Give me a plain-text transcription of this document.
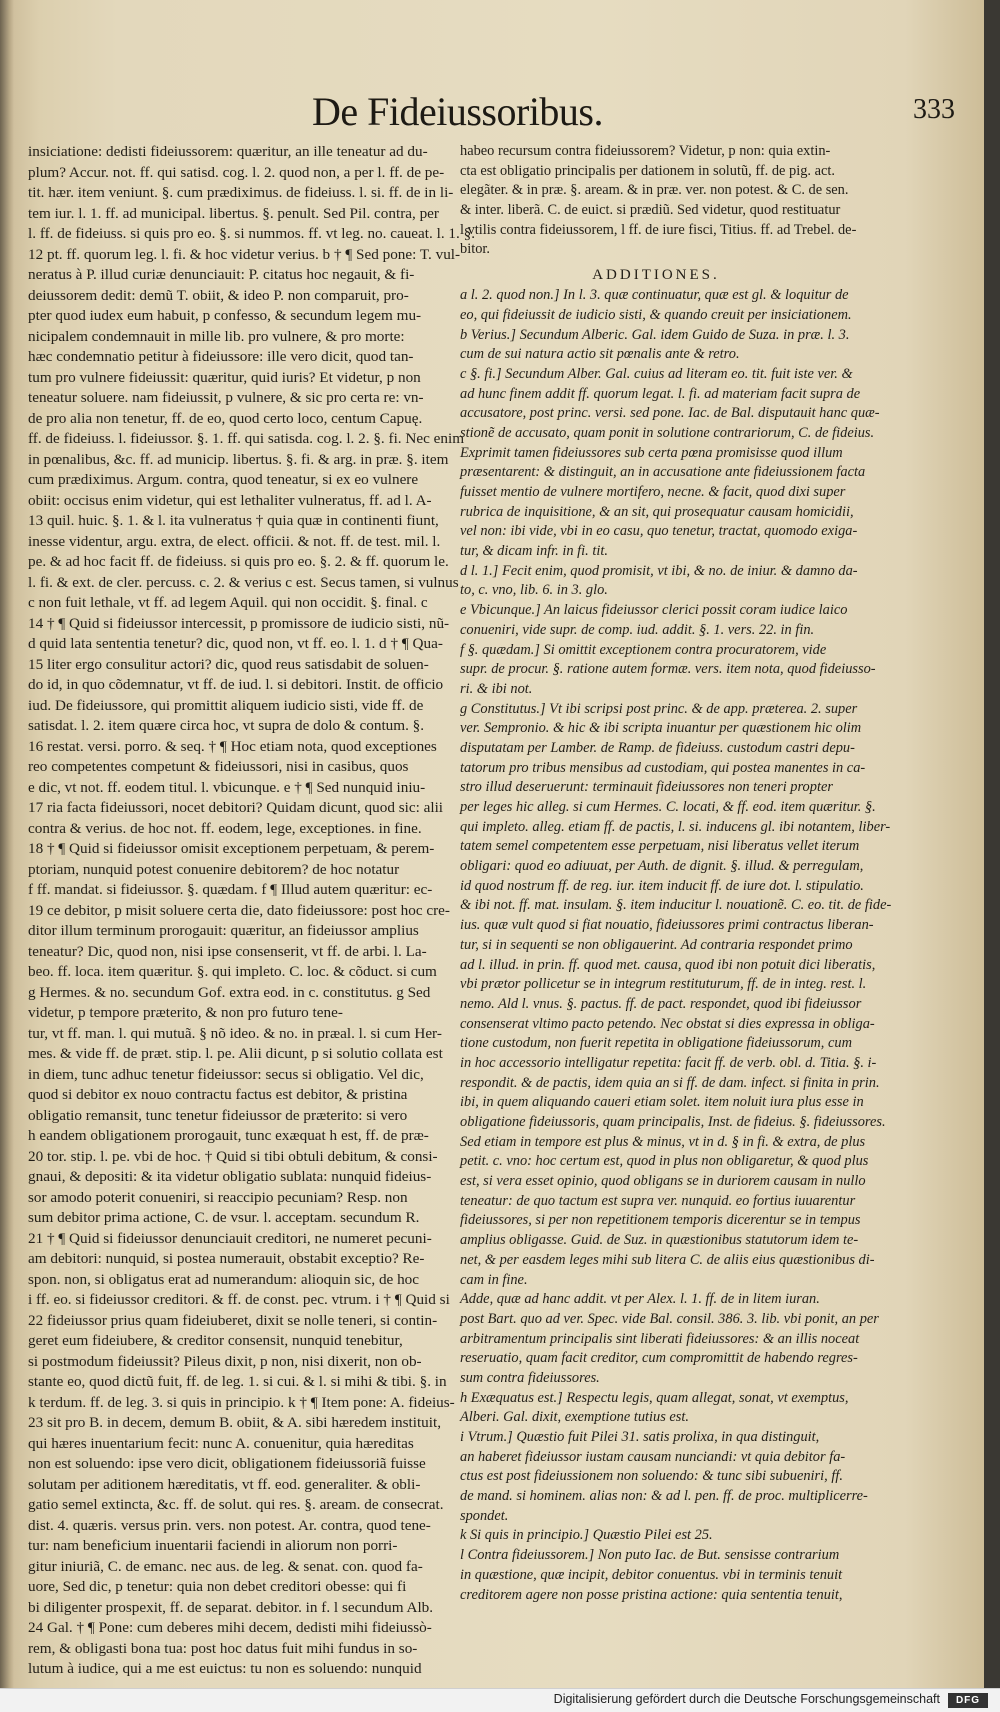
De Fideiussoribus.	333
insiciatione: dedisti fideiussorem: quæritur, an ille teneatur ad du-
plum? Accur. not. ff. qui satisd. cog. l. 2. quod non, a per l. ff. de pe-
tit. hær. item veniunt. §. cum prædiximus. de fideiuss. l. si. ff. de in li-
tem iur. l. 1. ff. ad municipal. libertus. §. penult. Sed Pil. contra, per
l. ff. de fideiuss. si quis pro eo. §. si nummos. ff. vt leg. no. caueat. l. 1. §.
12 pt. ff. quorum leg. l. fi. & hoc videtur verius. b † ¶ Sed pone: T. vul-
neratus à P. illud curiæ denunciauit: P. citatus hoc negauit, & fi-
deiussorem dedit: demũ T. obiit, & ideo P. non comparuit, pro-
pter quod iudex eum habuit, p confesso, & secundum legem mu-
nicipalem condemnauit in mille lib. pro vulnere, & pro morte:
hæc condemnatio petitur à fideiussore: ille vero dicit, quod tan-
tum pro vulnere fideiussit: quæritur, quid iuris? Et videtur, p non
teneatur soluere. nam fideiussit, p vulnere, & sic pro certa re: vn-
de pro alia non tenetur, ff. de eo, quod certo loco, centum Capuę.
ff. de fideiuss. l. fideiussor. §. 1. ff. qui satisda. cog. l. 2. §. fi. Nec enim
in pœnalibus, &c. ff. ad municip. libertus. §. fi. & arg. in præ. §. item
cum prædiximus. Argum. contra, quod teneatur, si ex eo vulnere
obiit: occisus enim videtur, qui est lethaliter vulneratus, ff. ad l. A-
13 quil. huic. §. 1. & l. ita vulneratus † quia quæ in continenti fiunt,
inesse videntur, argu. extra, de elect. officii. & not. ff. de test. mil. l.
pe. & ad hoc facit ff. de fideiuss. si quis pro eo. §. 2. & ff. quorum le.
l. fi. & ext. de cler. percuss. c. 2. & verius c est. Secus tamen, si vulnus
c non fuit lethale, vt ff. ad legem Aquil. qui non occidit. §. final. c
14 † ¶ Quid si fideiussor intercessit, p promissore de iudicio sisti, nũ-
d quid lata sententia tenetur? dic, quod non, vt ff. eo. l. 1. d † ¶ Qua-
15 liter ergo consulitur actori? dic, quod reus satisdabit de soluen-
do id, in quo cõdemnatur, vt ff. de iud. l. si debitori. Instit. de officio
iud. De fideiussore, qui promittit aliquem iudicio sisti, vide ff. de
satisdat. l. 2. item quære circa hoc, vt supra de dolo & contum. §.
16 restat. versi. porro. & seq. † ¶ Hoc etiam nota, quod exceptiones
reo competentes competunt & fideiussori, nisi in casibus, quos
e dic, vt not. ff. eodem titul. l. vbicunque. e † ¶ Sed nunquid iniu-
17 ria facta fideiussori, nocet debitori? Quidam dicunt, quod sic: alii
contra & verius. de hoc not. ff. eodem, lege, exceptiones. in fine.
18 † ¶ Quid si fideiussor omisit exceptionem perpetuam, & perem-
ptoriam, nunquid potest conuenire debitorem? de hoc notatur
f ff. mandat. si fideiussor. §. quædam. f ¶ Illud autem quæritur: ec-
19 ce debitor, p misit soluere certa die, dato fideiussore: post hoc cre-
ditor illum terminum prorogauit: quæritur, an fideiussor amplius
teneatur? Dic, quod non, nisi ipse consenserit, vt ff. de arbi. l. La-
beo. ff. loca. item quæritur. §. qui impleto. C. loc. & cõduct. si cum
g Hermes. & no. secundum Gof. extra eod. in c. constitutus. g Sed
videtur, p tempore præterito, & non pro futuro tene-
tur, vt ff. man. l. qui mutuã. § nõ ideo. & no. in præal. l. si cum Her-
mes. & vide ff. de præt. stip. l. pe. Alii dicunt, p si solutio collata est
in diem, tunc adhuc tenetur fideiussor: secus si obligatio. Vel dic,
quod si debitor ex nouo contractu factus est debitor, & pristina
obligatio remansit, tunc tenetur fideiussor de præterito: si vero
h eandem obligationem prorogauit, tunc exæquat h est, ff. de præ-
20 tor. stip. l. pe. vbi de hoc. † Quid si tibi obtuli debitum, & consi-
gnaui, & depositi: & ita videtur obligatio sublata: nunquid fideius-
sor amodo poterit conueniri, si reaccipio pecuniam? Resp. non
sum debitor prima actione, C. de vsur. l. acceptam. secundum R.
21 † ¶ Quid si fideiussor denunciauit creditori, ne numeret pecuni-
am debitori: nunquid, si postea numerauit, obstabit exceptio? Re-
spon. non, si obligatus erat ad numerandum: alioquin sic, de hoc
i ff. eo. si fideiussor creditori. & ff. de const. pec. vtrum. i † ¶ Quid si
22 fideiussor prius quam fideiuberet, dixit se nolle teneri, si contin-
geret eum fideiubere, & creditor consensit, nunquid tenebitur,
si postmodum fideiussit? Pileus dixit, p non, nisi dixerit, non ob-
stante eo, quod dictũ fuit, ff. de leg. 1. si cui. & l. si mihi & tibi. §. in
k terdum. ff. de leg. 3. si quis in principio. k † ¶ Item pone: A. fideius-
23 sit pro B. in decem, demum B. obiit, & A. sibi hæredem instituit,
qui hæres inuentarium fecit: nunc A. conuenitur, quia hæreditas
non est soluendo: ipse vero dicit, obligationem fideiussoriã fuisse
solutam per aditionem hæreditatis, vt ff. eod. generaliter. & obli-
gatio semel extincta, &c. ff. de solut. qui res. §. aream. de consecrat.
dist. 4. quæris. versus prin. vers. non potest. Ar. contra, quod tene-
tur: nam beneficium inuentarii faciendi in aliorum non porri-
gitur iniuriã, C. de emanc. nec aus. de leg. & senat. con. quod fa-
uore, Sed dic, p tenetur: quia non debet creditori obesse: qui fi
bi diligenter prospexit, ff. de separat. debitor. in f. l secundum Alb.
24 Gal. † ¶ Pone: cum deberes mihi decem, dedisti mihi fideiussò-
rem, & obligasti bona tua: post hoc datus fuit mihi fundus in so-
lutum à iudice, qui a me est euictus: tu non es soluendo: nunquid
habeo recursum contra fideiussorem? Videtur, p non: quia extin-
cta est obligatio principalis per dationem in solutũ, ff. de pig. act.
elegãter. & in præ. §. aream. & in præ. ver. non potest. & C. de sen.
& inter. liberã. C. de euict. si prædiũ. Sed videtur, quod restituatur
l vtilis contra fideiussorem, l ff. de iure fisci, Titius. ff. ad Trebel. de-
bitor.
ADDITIONES.
a l. 2. quod non.] In l. 3. quæ continuatur, quæ est gl. & loquitur de
eo, qui fideiussit de iudicio sisti, & quando creuit per insiciationem.
b Verius.] Secundum Alberic. Gal. idem Guido de Suza. in præ. l. 3.
cum de sui natura actio sit pœnalis ante & retro.
c §. fi.] Secundum Alber. Gal. cuius ad literam eo. tit. fuit iste ver. &
ad hunc finem addit ff. quorum legat. l. fi. ad materiam facit supra de
accusatore, post princ. versi. sed pone. Iac. de Bal. disputauit hanc quæ-
stionẽ de accusato, quam ponit in solutione contrariorum, C. de fideius.
Exprimit tamen fideiussores sub certa pœna promisisse quod illum
præsentarent: & distinguit, an in accusatione ante fideiussionem facta
fuisset mentio de vulnere mortifero, necne. & facit, quod dixi super
rubrica de inquisitione, & an sit, qui prosequatur causam homicidii,
vel non: ibi vide, vbi in eo casu, quo tenetur, tractat, quomodo exiga-
tur, & dicam infr. in fi. tit.
d l. 1.] Fecit enim, quod promisit, vt ibi, & no. de iniur. & damno da-
to, c. vno, lib. 6. in 3. glo.
e Vbicunque.] An laicus fideiussor clerici possit coram iudice laico
conueniri, vide supr. de comp. iud. addit. §. 1. vers. 22. in fin.
f §. quædam.] Si omittit exceptionem contra procuratorem, vide
supr. de procur. §. ratione autem formæ. vers. item nota, quod fideiusso-
ri. & ibi not.
g Constitutus.] Vt ibi scripsi post princ. & de app. præterea. 2. super
ver. Sempronio. & hic & ibi scripta inuantur per quæstionem hic olim
disputatam per Lamber. de Ramp. de fideiuss. custodum castri depu-
tatorum pro tribus mensibus ad custodiam, qui postea manentes in ca-
stro illud deseruerunt: terminauit fideiussores non teneri propter
per leges hic alleg. si cum Hermes. C. locati, & ff. eod. item quæritur. §.
qui impleto. alleg. etiam ff. de pactis, l. si. inducens gl. ibi notantem, liber-
tatem semel competentem esse perpetuam, nisi liberatus vellet iterum
obligari: quod eo adiuuat, per Auth. de dignit. §. illud. & perregulam,
id quod nostrum ff. de reg. iur. item inducit ff. de iure dot. l. stipulatio.
& ibi not. ff. mat. insulam. §. item inducitur l. nouationẽ. C. eo. tit. de fide-
ius. quæ vult quod si fiat nouatio, fideiussores primi contractus liberan-
tur, si in sequenti se non obligauerint. Ad contraria respondet primo
ad l. illud. in prin. ff. quod met. causa, quod ibi non potuit dici liberatis,
vbi prætor pollicetur se in integrum restituturum, ff. de in integ. rest. l.
nemo. Ald l. vnus. §. pactus. ff. de pact. respondet, quod ibi fideiussor
consenserat vltimo pacto petendo. Nec obstat si dies expressa in obliga-
tione custodum, non fuerit repetita in obligatione fideiussorum, cum
in hoc accessorio intelligatur repetita: facit ff. de verb. obl. d. Titia. §. i-
respondit. & de pactis, idem quia an si ff. de dam. infect. si finita in prin.
ibi, in quem aliquando caueri etiam solet. item noluit iura plus esse in
obligatione fideiussoris, quam principalis, Inst. de fideius. §. fideiussores.
Sed etiam in tempore est plus & minus, vt in d. § in fi. & extra, de plus
petit. c. vno: hoc certum est, quod in plus non obligaretur, & quod plus
est, si vera esset opinio, quod obligans se in duriorem causam in nullo
teneatur: de quo tactum est supra ver. nunquid. eo fortius iuuarentur
fideiussores, si per non repetitionem temporis dicerentur se in tempus
amplius obligasse. Guid. de Suz. in quæstionibus statutorum idem te-
net, & per easdem leges mihi sub litera C. de aliis eius quæstionibus di-
cam in fine.
Adde, quæ ad hanc addit. vt per Alex. l. 1. ff. de in litem iuran.
post Bart. quo ad ver. Spec. vide Bal. consil. 386. 3. lib. vbi ponit, an per
arbitramentum principalis sint liberati fideiussores: & an illis noceat
reseruatio, quam facit creditor, cum compromittit de habendo regres-
sum contra fideiussores.
h Exæquatus est.] Respectu legis, quam allegat, sonat, vt exemptus,
Alberi. Gal. dixit, exemptione tutius est.
i Vtrum.] Quæstio fuit Pilei 31. satis prolixa, in qua distinguit,
an haberet fideiussor iustam causam nunciandi: vt quia debitor fa-
ctus est post fideiussionem non soluendo: & tunc sibi subueniri, ff.
de mand. si hominem. alias non: & ad l. pen. ff. de proc. multiplicerre-
spondet.
k Si quis in principio.] Quæstio Pilei est 25.
l Contra fideiussorem.] Non puto Iac. de But. sensisse contrarium
in quæstione, quæ incipit, debitor conuentus. vbi in terminis tenuit
creditorem agere non posse pristina actione: quia sententia tenuit,
Digitalisierung gefördert durch die Deutsche Forschungsgemeinschaft	DFG
